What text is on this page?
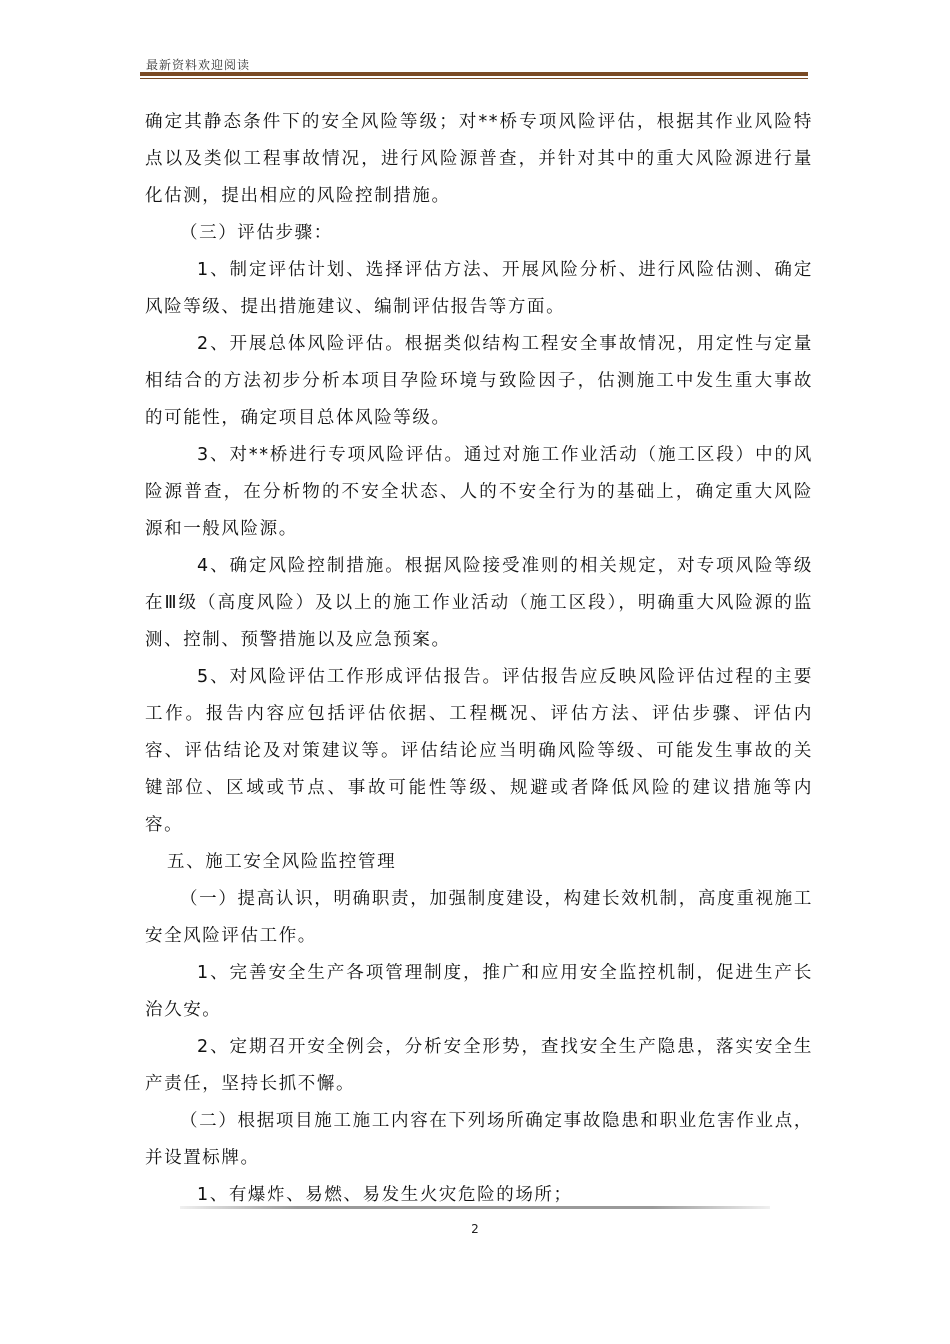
最新资料欢迎阅读

确定其静态条件下的安全风险等级；对**桥专项风险评估，根据其作业风险特点以及类似工程事故情况，进行风险源普查，并针对其中的重大风险源进行量化估测，提出相应的风险控制措施。

（三）评估步骤：

1、制定评估计划、选择评估方法、开展风险分析、进行风险估测、确定风险等级、提出措施建议、编制评估报告等方面。

2、开展总体风险评估。根据类似结构工程安全事故情况，用定性与定量相结合的方法初步分析本项目孕险环境与致险因子，估测施工中发生重大事故的可能性，确定项目总体风险等级。

3、对**桥进行专项风险评估。通过对施工作业活动（施工区段）中的风险源普查，在分析物的不安全状态、人的不安全行为的基础上，确定重大风险源和一般风险源。

4、确定风险控制措施。根据风险接受准则的相关规定，对专项风险等级在Ⅲ级（高度风险）及以上的施工作业活动（施工区段），明确重大风险源的监测、控制、预警措施以及应急预案。

5、对风险评估工作形成评估报告。评估报告应反映风险评估过程的主要工作。报告内容应包括评估依据、工程概况、评估方法、评估步骤、评估内容、评估结论及对策建议等。评估结论应当明确风险等级、可能发生事故的关键部位、区域或节点、事故可能性等级、规避或者降低风险的建议措施等内容。

五、施工安全风险监控管理

（一）提高认识，明确职责，加强制度建设，构建长效机制，高度重视施工安全风险评估工作。

1、完善安全生产各项管理制度，推广和应用安全监控机制，促进生产长治久安。

2、定期召开安全例会，分析安全形势，查找安全生产隐患，落实安全生产责任，坚持长抓不懈。

（二）根据项目施工施工内容在下列场所确定事故隐患和职业危害作业点，并设置标牌。

1、有爆炸、易燃、易发生火灾危险的场所；

2
